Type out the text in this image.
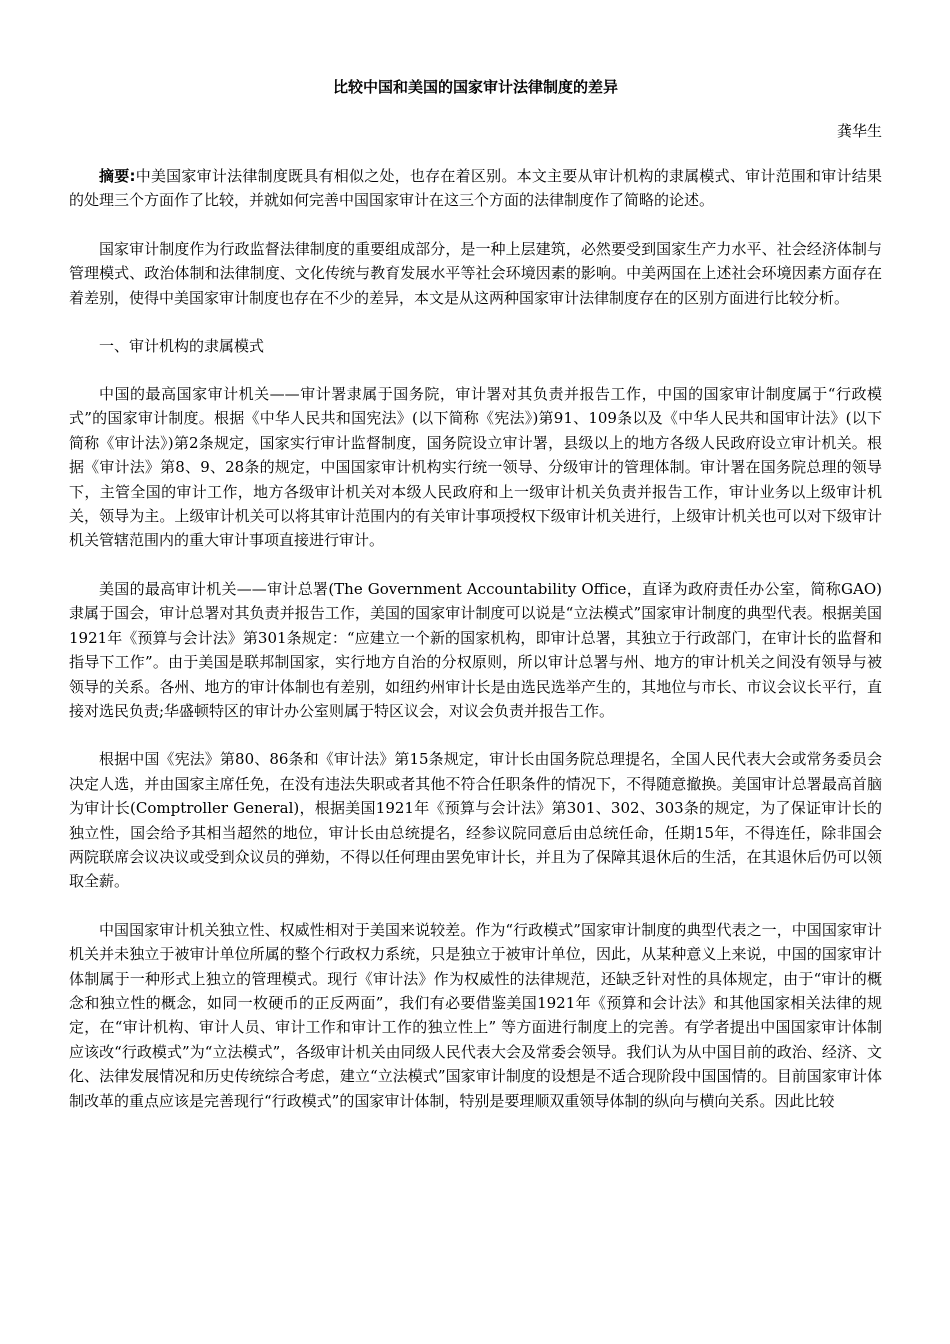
比较中国和美国的国家审计法律制度的差异
龚华生

摘要:中美国家审计法律制度既具有相似之处，也存在着区别。本文主要从审计机构的隶属模式、审计范围和审计结果的处理三个方面作了比较，并就如何完善中国国家审计在这三个方面的法律制度作了简略的论述。

国家审计制度作为行政监督法律制度的重要组成部分，是一种上层建筑，必然要受到国家生产力水平、社会经济体制与管理模式、政治体制和法律制度、文化传统与教育发展水平等社会环境因素的影响。中美两国在上述社会环境因素方面存在着差别，使得中美国家审计制度也存在不少的差异，本文是从这两种国家审计法律制度存在的区别方面进行比较分析。

一、审计机构的隶属模式

中国的最高国家审计机关——审计署隶属于国务院，审计署对其负责并报告工作，中国的国家审计制度属于“行政模式”的国家审计制度。根据《中华人民共和国宪法》(以下简称《宪法》)第91、109条以及《中华人民共和国审计法》(以下简称《审计法》)第2条规定，国家实行审计监督制度，国务院设立审计署，县级以上的地方各级人民政府设立审计机关。根据《审计法》第8、9、28条的规定，中国国家审计机构实行统一领导、分级审计的管理体制。审计署在国务院总理的领导下，主管全国的审计工作，地方各级审计机关对本级人民政府和上一级审计机关负责并报告工作，审计业务以上级审计机关，领导为主。上级审计机关可以将其审计范围内的有关审计事项授权下级审计机关进行，上级审计机关也可以对下级审计机关管辖范围内的重大审计事项直接进行审计。

美国的最高审计机关——审计总署(The Government Accountability Office，直译为政府责任办公室，简称GAO)隶属于国会，审计总署对其负责并报告工作，美国的国家审计制度可以说是“立法模式”国家审计制度的典型代表。根据美国1921年《预算与会计法》第301条规定：“应建立一个新的国家机构，即审计总署，其独立于行政部门，在审计长的监督和指导下工作”。由于美国是联邦制国家，实行地方自治的分权原则，所以审计总署与州、地方的审计机关之间没有领导与被领导的关系。各州、地方的审计体制也有差别，如纽约州审计长是由选民选举产生的，其地位与市长、市议会议长平行，直接对选民负责;华盛顿特区的审计办公室则属于特区议会，对议会负责并报告工作。

根据中国《宪法》第80、86条和《审计法》第15条规定，审计长由国务院总理提名，全国人民代表大会或常务委员会决定人选，并由国家主席任免，在没有违法失职或者其他不符合任职条件的情况下，不得随意撤换。美国审计总署最高首脑为审计长(Comptroller General)，根据美国1921年《预算与会计法》第301、302、303条的规定，为了保证审计长的独立性，国会给予其相当超然的地位，审计长由总统提名，经参议院同意后由总统任命，任期15年，不得连任，除非国会两院联席会议决议或受到众议员的弹劾，不得以任何理由罢免审计长，并且为了保障其退休后的生活，在其退休后仍可以领取全薪。

中国国家审计机关独立性、权威性相对于美国来说较差。作为“行政模式”国家审计制度的典型代表之一，中国国家审计机关并未独立于被审计单位所属的整个行政权力系统，只是独立于被审计单位，因此，从某种意义上来说，中国的国家审计体制属于一种形式上独立的管理模式。现行《审计法》作为权威性的法律规范，还缺乏针对性的具体规定，由于“审计的概念和独立性的概念，如同一枚硬币的正反两面”，我们有必要借鉴美国1921年《预算和会计法》和其他国家相关法律的规定，在“审计机构、审计人员、审计工作和审计工作的独立性上” 等方面进行制度上的完善。有学者提出中国国家审计体制应该改“行政模式”为“立法模式”，各级审计机关由同级人民代表大会及常委会领导。我们认为从中国目前的政治、经济、文化、法律发展情况和历史传统综合考虑，建立“立法模式”国家审计制度的设想是不适合现阶段中国国情的。目前国家审计体制改革的重点应该是完善现行“行政模式”的国家审计体制，特别是要理顺双重领导体制的纵向与横向关系。因此比较
